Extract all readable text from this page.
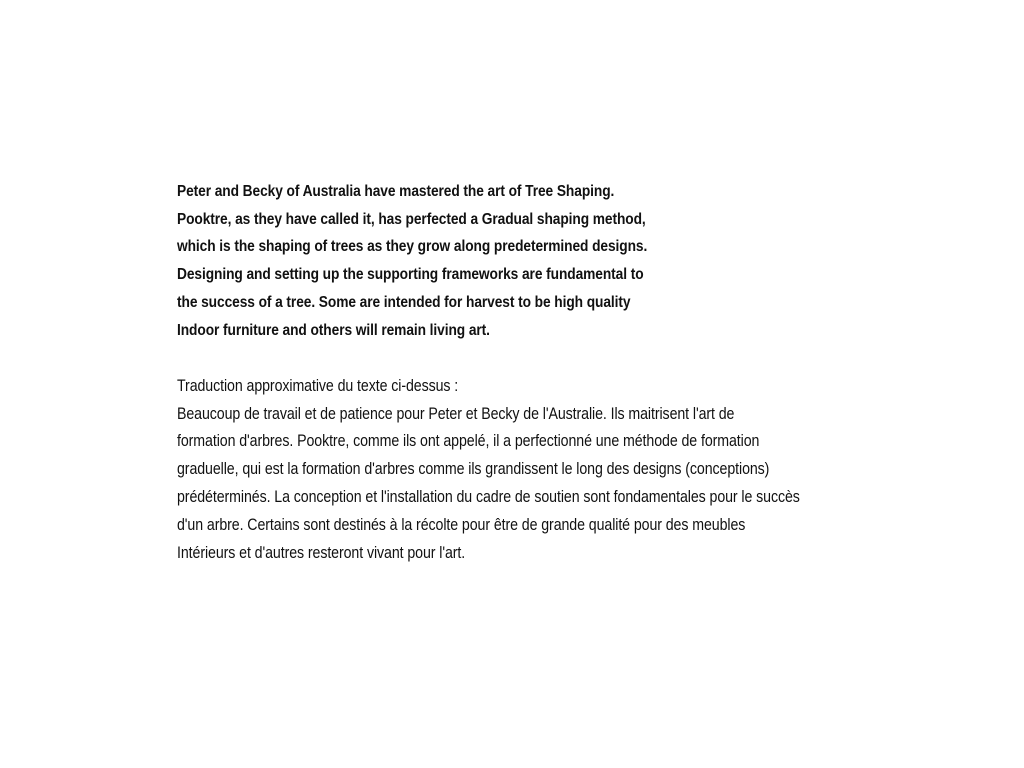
Peter and Becky of Australia have mastered the art of Tree Shaping.
Pooktre, as they have called it, has perfected a Gradual shaping method,
which is the shaping of trees as they grow along predetermined designs.
Designing and setting up the supporting frameworks are fundamental to
the success of a tree. Some are intended for harvest to be high quality
Indoor furniture and others will remain living art.
Traduction approximative du texte ci-dessus :
Beaucoup de travail et de patience pour Peter et Becky de l'Australie. Ils maitrisent l'art de
formation d'arbres. Pooktre, comme ils ont appelé, il a perfectionné une méthode de formation
graduelle, qui est la formation d'arbres comme ils grandissent le long des designs (conceptions)
prédéterminés. La conception et l'installation du cadre de soutien sont fondamentales pour le succès
d'un arbre. Certains sont destinés à la récolte pour être de grande qualité pour des meubles
Intérieurs et d'autres resteront vivant pour l'art.
